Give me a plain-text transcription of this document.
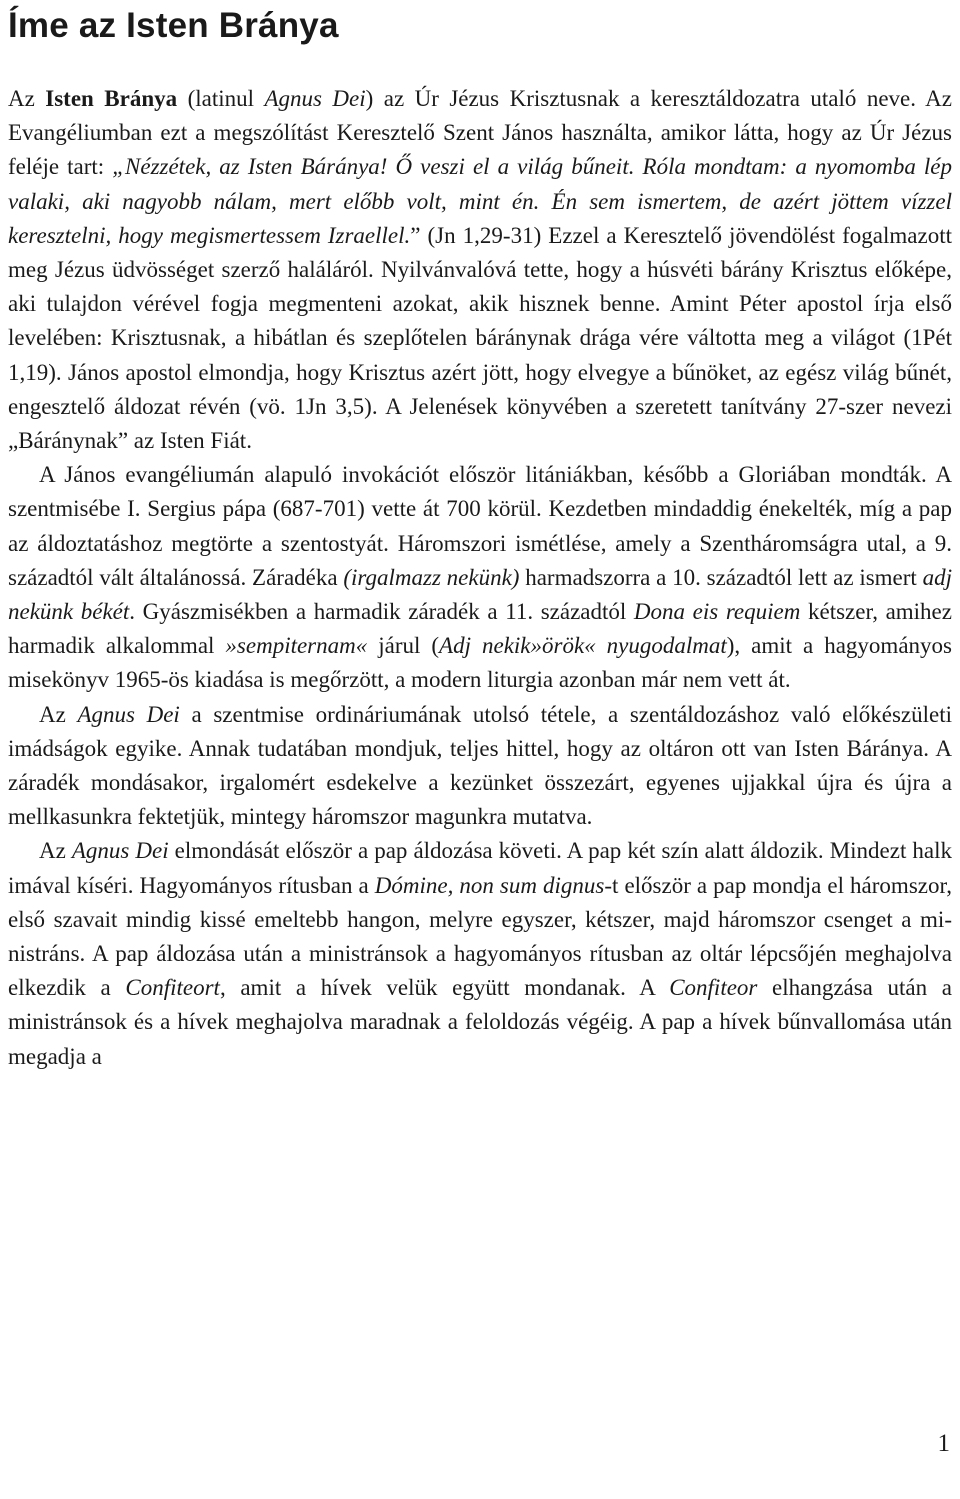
Íme az Isten Bránya

Az Isten Bránya (latinul Agnus Dei) az Úr Jézus Krisztusnak a keresztáldozatra utaló neve. Az Evangéliumban ezt a megszólítást Keresztelő Szent János használta, amikor látta, hogy az Úr Jézus feléje tart: „Nézzétek, az Isten Báránya! Ő veszi el a világ bűneit. Róla mondtam: a nyomomba lép valaki, aki nagyobb nálam, mert előbb volt, mint én. Én sem ismertem, de azért jöttem vízzel keresztelni, hogy megismertessem Izraellel.” (Jn 1,29-31) Ezzel a Keresztelő jövendölést fogalmazott meg Jézus üdvösséget szerző haláláról. Nyilvánvalóvá tette, hogy a húsvéti bárány Krisztus előképe, aki tulajdon vérével fogja megmenteni azokat, akik hisznek benne. Amint Péter apostol írja első levelében: Krisztusnak, a hibátlan és szeplőtelen báránynak drága vére váltotta meg a világot (1Pét 1,19). János apostol elmondja, hogy Krisztus azért jött, hogy elvegye a bűnöket, az egész világ bűnét, engesztelő áldozat révén (vö. 1Jn 3,5). A Jelenések könyvében a szeretett tanítvány 27-szer nevezi „Báránynak” az Isten Fiát.

A János evangéliumán alapuló invokációt először litániákban, később a Gloriában mondták. A szentmisébe I. Sergius pápa (687-701) vette át 700 körül. Kezdetben mindaddig énekelték, míg a pap az áldoztatáshoz megtörte a szentostyát. Háromszori ismétlése, amely a Szentháromságra utal, a 9. századtól vált általánossá. Záradéka (irgalmazz nekünk) harmadszorra a 10. századtól lett az ismert adj nekünk békét. Gyászmisékben a harmadik záradék a 11. századtól Dona eis requiem kétszer, amihez harmadik alkalommal »sempiternam« járul (Adj nekik»örök« nyugodalmat), amit a hagyományos misekönyv 1965-ös kiadása is megőrzött, a modern liturgia azonban már nem vett át.

Az Agnus Dei a szentmise ordináriumának utolsó tétele, a szentáldozáshoz való előkészületi imádságok egyike. Annak tudatában mondjuk, teljes hittel, hogy az oltáron ott van Isten Báránya. A záradék mondásakor, irgalomért esdekelve a kezünket összezárt, egyenes ujjakkal újra és újra a mellkasunkra fektetjük, mintegy háromszor magunkra mutatva.

Az Agnus Dei elmondását először a pap áldozása követi. A pap két szín alatt áldozik. Mindezt halk imával kíséri. Hagyományos rítusban a Dómine, non sum dignus-t először a pap mondja el háromszor, első szavait mindig kissé emeltebb hangon, melyre egyszer, kétszer, majd háromszor csenget a ministráns. A pap áldozása után a ministránsok a hagyományos rítusban az oltár lépcsőjén meghajolva elkezdik a Confiteort, amit a hívek velük együtt mondanak. A Confiteor elhangzása után a ministránsok és a hívek meghajolva maradnak a feloldozás végéig. A pap a hívek bűnvallomása után megadja a

1
